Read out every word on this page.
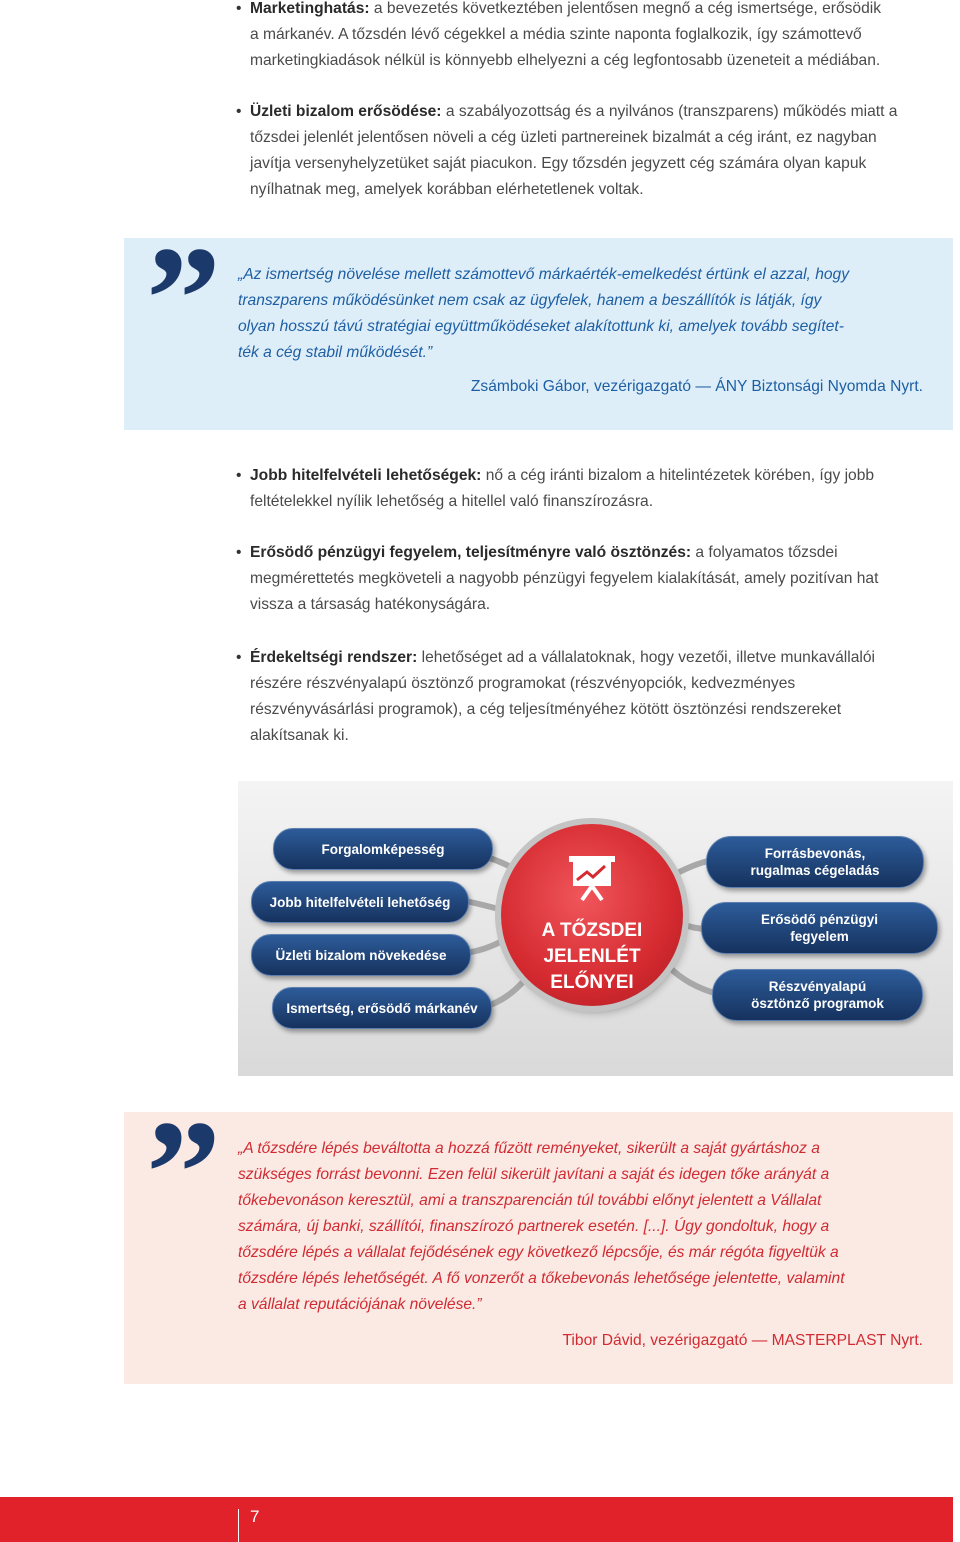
• Marketinghatás: a bevezetés következtében jelentősen megnő a cég ismertsége, erősödik
a márkanév. A tőzsdén lévő cégekkel a média szinte naponta foglalkozik, így számottevő
marketingkiadások nélkül is könnyebb elhelyezni a cég legfontosabb üzeneteit a médiában.
• Üzleti bizalom erősödése: a szabályozottság és a nyilvános (transzparens) működés miatt a
tőzsdei jelenlét jelentősen növeli a cég üzleti partnereinek bizalmát a cég iránt, ez nagyban
javítja versenyhelyzetüket saját piacukon. Egy tőzsdén jegyzett cég számára olyan kapuk
nyílhatnak meg, amelyek korábban elérhetetlenek voltak.
” „Az ismertség növelése mellett számottevő márkaérték-emelkedést értünk el azzal, hogy
transzparens működésünket nem csak az ügyfelek, hanem a beszállítók is látják, így
olyan hosszú távú stratégiai együttműködéseket alakítottunk ki, amelyek tovább segítet-
ték a cég stabil működését.”
Zsámboki Gábor, vezérigazgató — ÁNY Biztonsági Nyomda Nyrt.
• Jobb hitelfelvételi lehetőségek: nő a cég iránti bizalom a hitelintézetek körében, így jobb
feltételekkel nyílik lehetőség a hitellel való finanszírozásra.
• Erősödő pénzügyi fegyelem, teljesítményre való ösztönzés: a folyamatos tőzsdei
megmérettetés megköveteli a nagyobb pénzügyi fegyelem kialakítását, amely pozitívan hat
vissza a társaság hatékonyságára.
• Érdekeltségi rendszer: lehetőséget ad a vállalatoknak, hogy vezetői, illetve munkavállalói
részére részvényalapú ösztönző programokat (részvényopciók, kedvezményes
részvényvásárlási programok), a cég teljesítményéhez kötött ösztönzési rendszereket
alakítsanak ki.
Forgalomképesség
Jobb hitelfelvételi lehetőség
Üzleti bizalom növekedése
Ismertség, erősödő márkanév
A TŐZSDEI
JELENLÉT
ELŐNYEI
Forrásbevonás,
rugalmas cégeladás
Erősödő pénzügyi
fegyelem
Részvényalapú
ösztönző programok
” „A tőzsdére lépés beváltotta a hozzá fűzött reményeket, sikerült a saját gyártáshoz a
szükséges forrást bevonni. Ezen felül sikerült javítani a saját és idegen tőke arányát a
tőkebevonáson keresztül, ami a transzparencián túl további előnyt jelentett a Vállalat
számára, új banki, szállítói, finanszírozó partnerek esetén. [...]. Úgy gondoltuk, hogy a
tőzsdére lépés a vállalat fejődésének egy következő lépcsője, és már régóta figyeltük a
tőzsdére lépés lehetőségét. A fő vonzerőt a tőkebevonás lehetősége jelentette, valamint
a vállalat reputációjának növelése.”
Tibor Dávid, vezérigazgató — MASTERPLAST Nyrt.
7
